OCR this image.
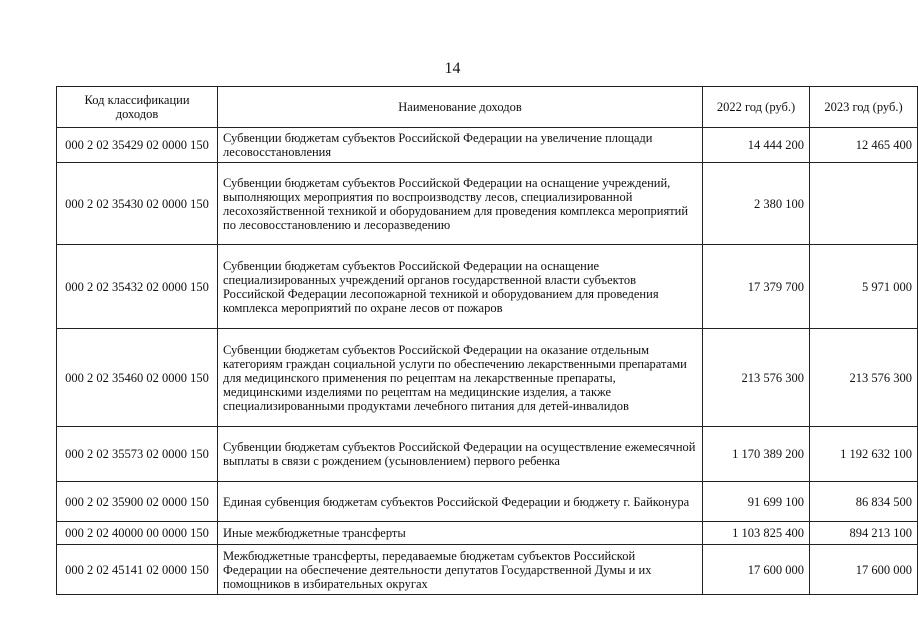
14
Код классификации доходов	Наименование доходов	2022 год (руб.)	2023 год (руб.)
000 2 02 35429 02 0000 150	Субвенции бюджетам субъектов Российской Федерации на увеличение площади лесовосстановления	14 444 200	12 465 400
000 2 02 35430 02 0000 150	Субвенции бюджетам субъектов Российской Федерации на оснащение учреждений, выполняющих мероприятия по воспроизводству лесов, специализированной лесохозяйственной техникой и оборудованием для проведения комплекса мероприятий по лесовосстановлению и лесоразведению	2 380 100	
000 2 02 35432 02 0000 150	Субвенции бюджетам субъектов Российской Федерации на оснащение специализированных учреждений органов государственной власти субъектов Российской Федерации лесопожарной техникой и оборудованием для проведения комплекса мероприятий по охране лесов от пожаров	17 379 700	5 971 000
000 2 02 35460 02 0000 150	Субвенции бюджетам субъектов Российской Федерации на оказание отдельным категориям граждан социальной услуги по обеспечению лекарственными препаратами для медицинского применения по рецептам на лекарственные препараты, медицинскими изделиями по рецептам на медицинские изделия, а также специализированными продуктами лечебного питания для детей-инвалидов	213 576 300	213 576 300
000 2 02 35573 02 0000 150	Субвенции бюджетам субъектов Российской Федерации на осуществление ежемесячной выплаты в связи с рождением (усыновлением) первого ребенка	1 170 389 200	1 192 632 100
000 2 02 35900 02 0000 150	Единая субвенция бюджетам субъектов Российской Федерации и бюджету г. Байконура	91 699 100	86 834 500
000 2 02 40000 00 0000 150	Иные межбюджетные трансферты	1 103 825 400	894 213 100
000 2 02 45141 02 0000 150	Межбюджетные трансферты, передаваемые бюджетам субъектов Российской Федерации на обеспечение деятельности депутатов Государственной Думы и их помощников в избирательных округах	17 600 000	17 600 000
